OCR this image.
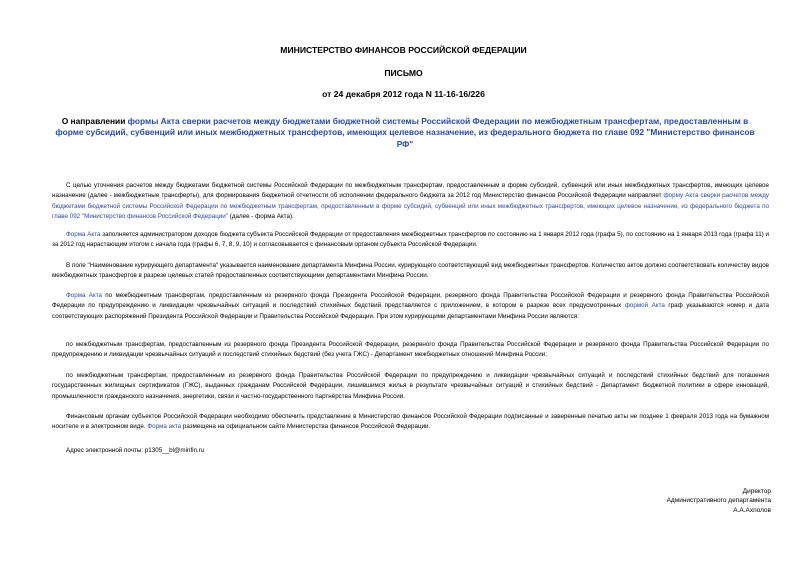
МИНИСТЕРСТВО ФИНАНСОВ РОССИЙСКОЙ ФЕДЕРАЦИИ
ПИСЬМО
от 24 декабря 2012 года N 11-16-16/226
О направлении формы Акта сверки расчетов между бюджетами бюджетной системы Российской Федерации по межбюджетным трансфертам, предоставленным в форме субсидий, субвенций или иных межбюджетных трансфертов, имеющих целевое назначение, из федерального бюджета по главе 092 "Министерство финансов РФ"
С целью уточнения расчетов между бюджетами бюджетной системы Российской Федерации по межбюджетным трансфертам, предоставленным в форме субсидий, субвенций или иных межбюджетных трансфертов, имеющих целевое назначение (далее - межбюджетные трансферты), для формирования бюджетной отчетности об исполнении федерального бюджета за 2012 год Министерство финансов Российской Федерации направляет форму Акта сверки расчетов между бюджетами бюджетной системы Российской Федерации по межбюджетным трансфертам, предоставленным в форме субсидий, субвенций или иных межбюджетных трансфертов, имеющих целевое назначение, из федерального бюджета по главе 092 "Министерство финансов Российской Федерации" (далее - форма Акта).
Форма Акта заполняется администратором доходов бюджета субъекта Российской Федерации от предоставления межбюджетных трансфертов по состоянию на 1 января 2012 года (графа 5), по состоянию на 1 января 2013 года (графа 11) и за 2012 год нарастающим итогом с начала года (графы 6, 7, 8, 9, 10) и согласовывается с финансовым органом субъекта Российской Федерации.
В поле "Наименование курирующего департамента" указывается наименование департамента Минфина России, курирующего соответствующий вид межбюджетных трансфертов. Количество актов должно соответствовать количеству видов межбюджетных трансфертов в разрезе целевых статей предоставленных соответствующими департаментами Минфина России.
Форма Акта по межбюджетным трансфертам, предоставленным из резервного фонда Президента Российской Федерации, резервного фонда Правительства Российской Федерации и резервного фонда Правительства Российской Федерации по предупреждению и ликвидации чрезвычайных ситуаций и последствий стихийных бедствий представляется с приложением, в котором в разрезе всех предусмотренных формой Акта граф указываются номер и дата соответствующих распоряжений Президента Российской Федерации и Правительства Российской Федерации. При этом курирующими департаментами Минфина России являются:
по межбюджетным трансфертам, предоставленным из резервного фонда Президента Российской Федерации, резервного фонда Правительства Российской Федерации и резервного фонда Правительства Российской Федерации по предупреждению и ликвидации чрезвычайных ситуаций и последствий стихийных бедствий (без учета ГЖС) - Департамент межбюджетных отношений Минфина России;
по межбюджетным трансфертам, предоставленным из резервного фонда Правительства Российской Федерации по предупреждению и ликвидации чрезвычайных ситуаций и последствий стихийных бедствий для погашения государственных жилищных сертификатов (ГЖС), выданных гражданам Российской Федерации, лишившимся жилья в результате чрезвычайных ситуаций и стихийных бедствий - Департамент бюджетной политики в сфере инноваций, промышленности гражданского назначения, энергетики, связи и частно-государственного партнёрства Минфина России.
Финансовым органам субъектов Российской Федерации необходимо обеспечить представление в Министерство финансов Российской Федерации подписанные и заверенные печатью акты не позднее 1 февраля 2013 года на бумажном носителе и в электронном виде. Форма акта размещена на официальном сайте Министерства финансов Российской Федерации.
Адрес электронной почты: p1305__bl@minfin.ru
Директор
Административного департамента
А.А.Ахполов
